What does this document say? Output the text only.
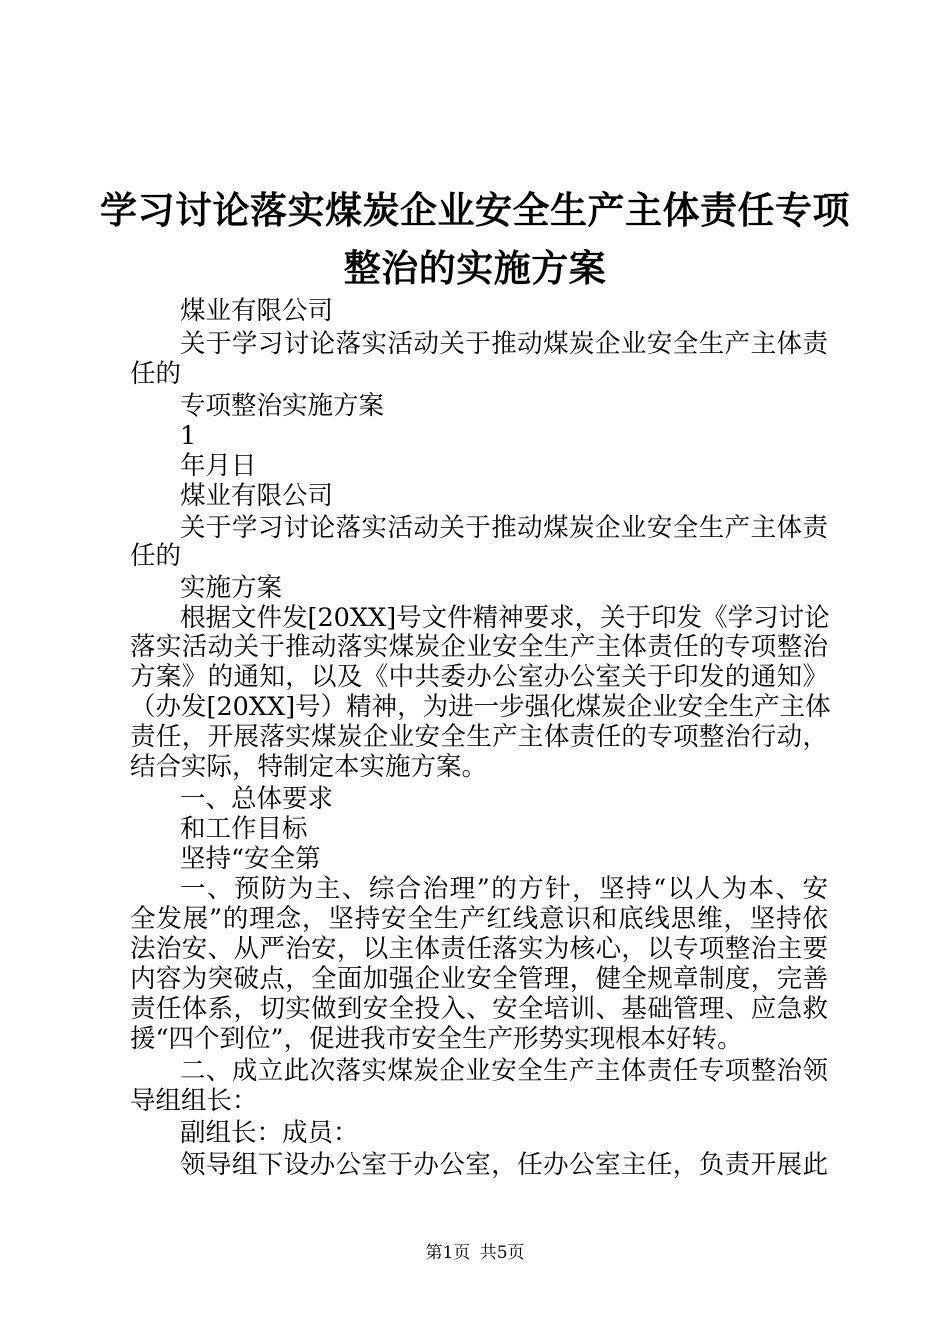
学习讨论落实煤炭企业安全生产主体责任专项
整治的实施方案
煤业有限公司
关于学习讨论落实活动关于推动煤炭企业安全生产主体责
任的
专项整治实施方案
1
年月日
煤业有限公司
关于学习讨论落实活动关于推动煤炭企业安全生产主体责
任的
实施方案
根据文件发[20XX]号文件精神要求，关于印发《学习讨论
落实活动关于推动落实煤炭企业安全生产主体责任的专项整治
方案》的通知，以及《中共委办公室办公室关于印发的通知》
（办发[20XX]号）精神，为进一步强化煤炭企业安全生产主体
责任，开展落实煤炭企业安全生产主体责任的专项整治行动，
结合实际，特制定本实施方案。
一、总体要求
和工作目标
坚持“安全第
一、预防为主、综合治理”的方针，坚持“以人为本、安
全发展”的理念，坚持安全生产红线意识和底线思维，坚持依
法治安、从严治安，以主体责任落实为核心，以专项整治主要
内容为突破点，全面加强企业安全管理，健全规章制度，完善
责任体系，切实做到安全投入、安全培训、基础管理、应急救
援“四个到位”，促进我市安全生产形势实现根本好转。
二、成立此次落实煤炭企业安全生产主体责任专项整治领
导组组长：
副组长：成员：
领导组下设办公室于办公室，任办公室主任，负责开展此
第1页 共5页
